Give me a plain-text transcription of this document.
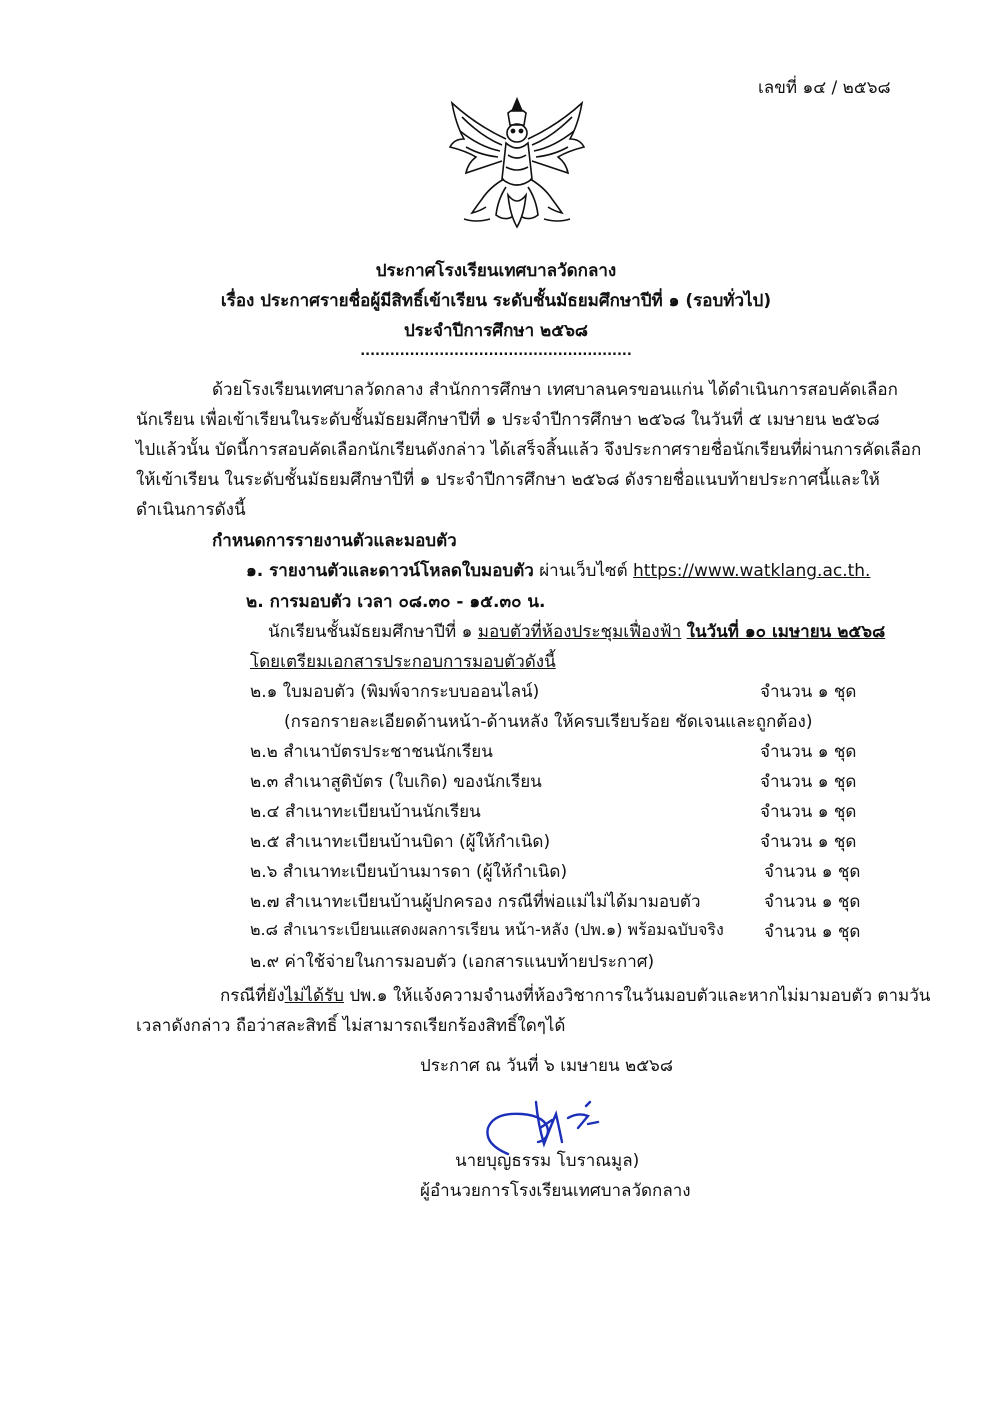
เลขที่ ๑๔ / ๒๕๖๘
ประกาศโรงเรียนเทศบาลวัดกลาง
เรื่อง ประกาศรายชื่อผู้มีสิทธิ์เข้าเรียน ระดับชั้นมัธยมศึกษาปีที่ ๑ (รอบทั่วไป)
ประจำปีการศึกษา ๒๕๖๘
.......................................................
ด้วยโรงเรียนเทศบาลวัดกลาง สำนักการศึกษา เทศบาลนครขอนแก่น ได้ดำเนินการสอบคัดเลือก
นักเรียน เพื่อเข้าเรียนในระดับชั้นมัธยมศึกษาปีที่ ๑ ประจำปีการศึกษา ๒๕๖๘ ในวันที่ ๕ เมษายน ๒๕๖๘
ไปแล้วนั้น บัดนี้การสอบคัดเลือกนักเรียนดังกล่าว ได้เสร็จสิ้นแล้ว จึงประกาศรายชื่อนักเรียนที่ผ่านการคัดเลือก
ให้เข้าเรียน ในระดับชั้นมัธยมศึกษาปีที่ ๑ ประจำปีการศึกษา ๒๕๖๘ ดังรายชื่อแนบท้ายประกาศนี้และให้
ดำเนินการดังนี้
กำหนดการรายงานตัวและมอบตัว
๑. รายงานตัวและดาวน์โหลดใบมอบตัว ผ่านเว็บไซต์ https://www.watklang.ac.th.
๒. การมอบตัว เวลา ๐๘.๓๐ - ๑๕.๓๐ น.
นักเรียนชั้นมัธยมศึกษาปีที่ ๑ มอบตัวที่ห้องประชุมเฟื่องฟ้า ในวันที่ ๑๐ เมษายน ๒๕๖๘
โดยเตรียมเอกสารประกอบการมอบตัวดังนี้
๒.๑ ใบมอบตัว (พิมพ์จากระบบออนไลน์)	จำนวน ๑ ชุด
(กรอกรายละเอียดด้านหน้า-ด้านหลัง ให้ครบเรียบร้อย ชัดเจนและถูกต้อง)
๒.๒ สำเนาบัตรประชาชนนักเรียน	จำนวน ๑ ชุด
๒.๓ สำเนาสูติบัตร (ใบเกิด) ของนักเรียน	จำนวน ๑ ชุด
๒.๔ สำเนาทะเบียนบ้านนักเรียน	จำนวน ๑ ชุด
๒.๕ สำเนาทะเบียนบ้านบิดา (ผู้ให้กำเนิด)	จำนวน ๑ ชุด
๒.๖ สำเนาทะเบียนบ้านมารดา (ผู้ให้กำเนิด)	จำนวน ๑ ชุด
๒.๗ สำเนาทะเบียนบ้านผู้ปกครอง กรณีที่พ่อแม่ไม่ได้มามอบตัว	จำนวน ๑ ชุด
๒.๘ สำเนาระเบียนแสดงผลการเรียน หน้า-หลัง (ปพ.๑) พร้อมฉบับจริง จำนวน ๑ ชุด
๒.๙ ค่าใช้จ่ายในการมอบตัว (เอกสารแนบท้ายประกาศ)
กรณีที่ยังไม่ได้รับ ปพ.๑ ให้แจ้งความจำนงที่ห้องวิชาการในวันมอบตัวและหากไม่มามอบตัว ตามวัน
เวลาดังกล่าว ถือว่าสละสิทธิ์ ไม่สามารถเรียกร้องสิทธิ์ใดๆได้
ประกาศ ณ วันที่ ๖ เมษายน ๒๕๖๘
นายบุญธรรม โบราณมูล)
ผู้อำนวยการโรงเรียนเทศบาลวัดกลาง
